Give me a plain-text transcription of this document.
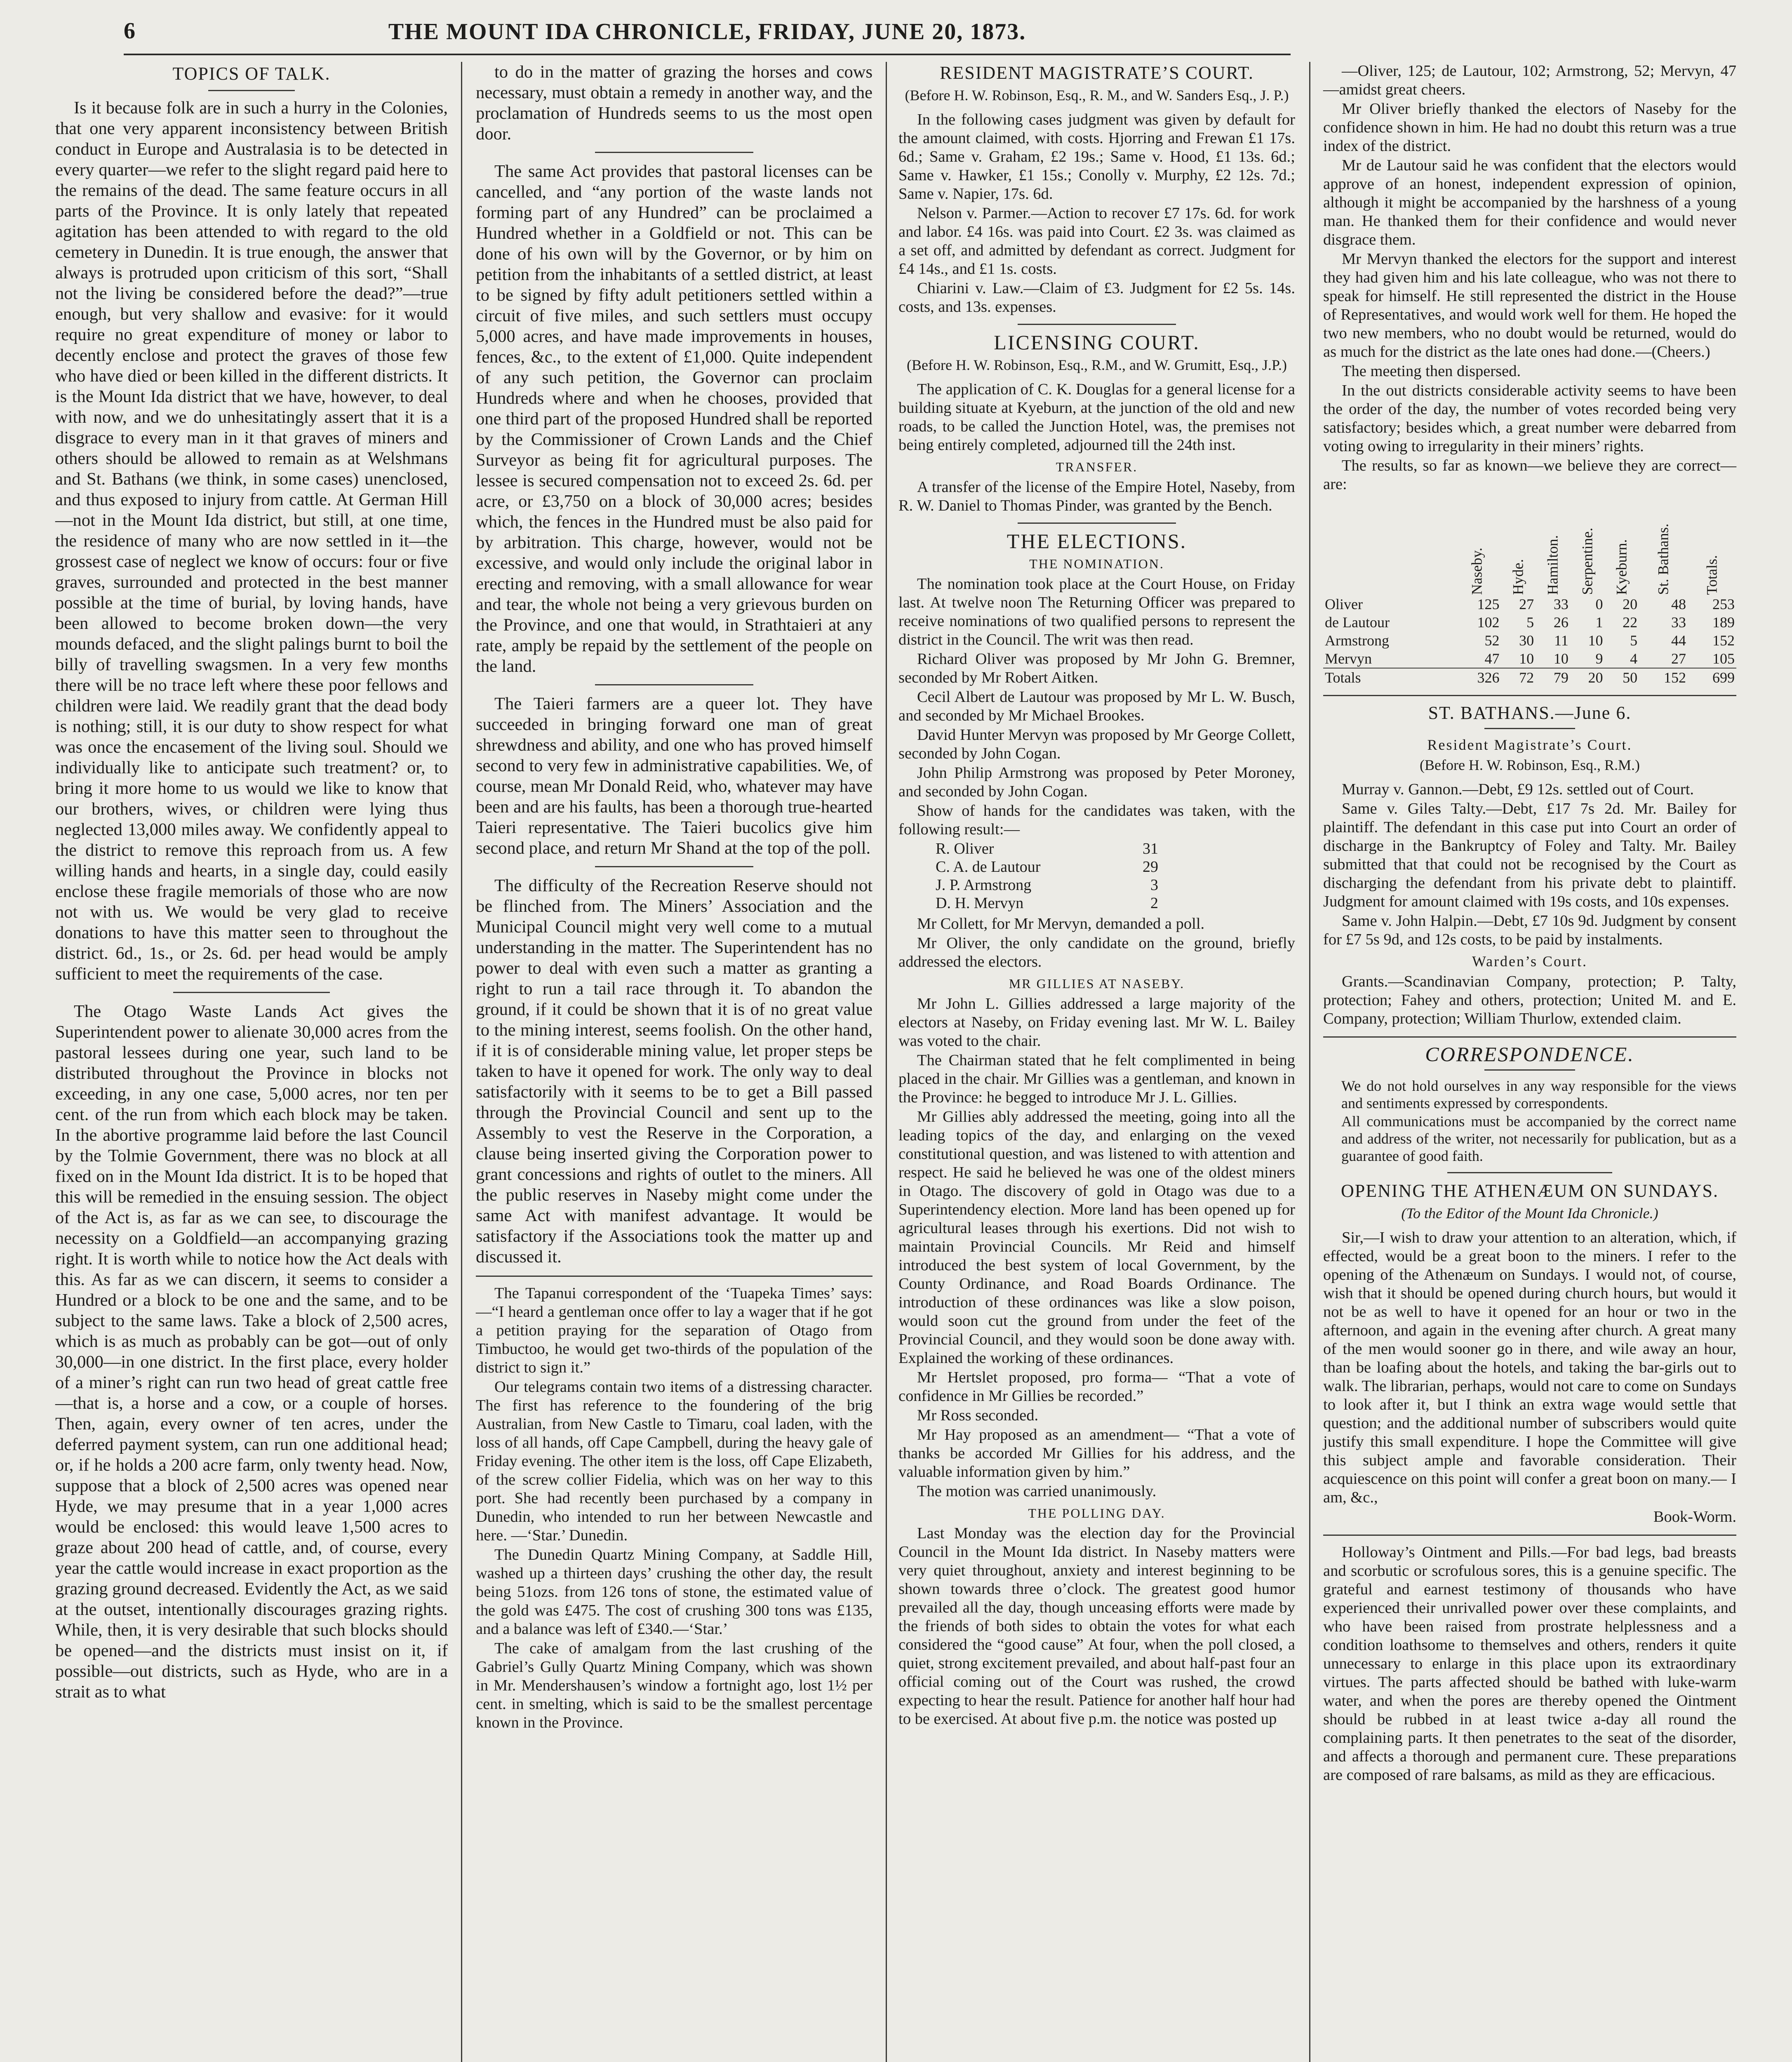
6	THE MOUNT IDA CHRONICLE, FRIDAY, JUNE 20, 1873.
TOPICS OF TALK.

Is it because folk are in such a hurry in the Colonies, that one very apparent inconsistency between British conduct in Europe and Australasia is to be detected in every quarter—we refer to the slight regard paid here to the remains of the dead. The same feature occurs in all parts of the Province. It is only lately that repeated agitation has been attended to with regard to the old cemetery in Dunedin. It is true enough, the answer that always is protruded upon criticism of this sort, “Shall not the living be considered before the dead?”—true enough, but very shallow and evasive: for it would require no great expenditure of money or labor to decently enclose and protect the graves of those few who have died or been killed in the different districts. It is the Mount Ida district that we have, however, to deal with now, and we do unhesitatingly assert that it is a disgrace to every man in it that graves of miners and others should be allowed to remain as at Welshmans and St. Bathans (we think, in some cases) unenclosed, and thus exposed to injury from cattle. At German Hill —not in the Mount Ida district, but still, at one time, the residence of many who are now settled in it—the grossest case of neglect we know of occurs: four or five graves, surrounded and protected in the best manner possible at the time of burial, by loving hands, have been allowed to become broken down—the very mounds defaced, and the slight palings burnt to boil the billy of travelling swagsmen. In a very few months there will be no trace left where these poor fellows and children were laid. We readily grant that the dead body is nothing; still, it is our duty to show respect for what was once the encasement of the living soul. Should we individually like to anticipate such treatment? or, to bring it more home to us would we like to know that our brothers, wives, or children were lying thus neglected 13,000 miles away. We confidently appeal to the district to remove this reproach from us. A few willing hands and hearts, in a single day, could easily enclose these fragile memorials of those who are now not with us. We would be very glad to receive donations to have this matter seen to throughout the district. 6d., 1s., or 2s. 6d. per head would be amply sufficient to meet the requirements of the case.

The Otago Waste Lands Act gives the Superintendent power to alienate 30,000 acres from the pastoral lessees during one year, such land to be distributed throughout the Province in blocks not exceeding, in any one case, 5,000 acres, nor ten per cent. of the run from which each block may be taken. In the abortive programme laid before the last Council by the Tolmie Government, there was no block at all fixed on in the Mount Ida district. It is to be hoped that this will be remedied in the ensuing session. The object of the Act is, as far as we can see, to discourage the necessity on a Goldfield—an accompanying grazing right. It is worth while to notice how the Act deals with this. As far as we can discern, it seems to consider a Hundred or a block to be one and the same, and to be subject to the same laws. Take a block of 2,500 acres, which is as much as probably can be got—out of only 30,000—in one district. In the first place, every holder of a miner’s right can run two head of great cattle free—that is, a horse and a cow, or a couple of horses. Then, again, every owner of ten acres, under the deferred payment system, can run one additional head; or, if he holds a 200 acre farm, only twenty head. Now, suppose that a block of 2,500 acres was opened near Hyde, we may presume that in a year 1,000 acres would be enclosed: this would leave 1,500 acres to graze about 200 head of cattle, and, of course, every year the cattle would increase in exact proportion as the grazing ground decreased. Evidently the Act, as we said at the outset, intentionally discourages grazing rights. While, then, it is very desirable that such blocks should be opened—and the districts must insist on it, if possible—out districts, such as Hyde, who are in a strait as to what

to do in the matter of grazing the horses and cows necessary, must obtain a remedy in another way, and the proclamation of Hundreds seems to us the most open door.

The same Act provides that pastoral licenses can be cancelled, and “any portion of the waste lands not forming part of any Hundred” can be proclaimed a Hundred whether in a Goldfield or not. This can be done of his own will by the Governor, or by him on petition from the inhabitants of a settled district, at least to be signed by fifty adult petitioners settled within a circuit of five miles, and such settlers must occupy 5,000 acres, and have made improvements in houses, fences, &c., to the extent of £1,000. Quite independent of any such petition, the Governor can proclaim Hundreds where and when he chooses, provided that one third part of the proposed Hundred shall be reported by the Commissioner of Crown Lands and the Chief Surveyor as being fit for agricultural purposes. The lessee is secured compensation not to exceed 2s. 6d. per acre, or £3,750 on a block of 30,000 acres; besides which, the fences in the Hundred must be also paid for by arbitration. This charge, however, would not be excessive, and would only include the original labor in erecting and removing, with a small allowance for wear and tear, the whole not being a very grievous burden on the Province, and one that would, in Strathtaieri at any rate, amply be repaid by the settlement of the people on the land.

The Taieri farmers are a queer lot. They have succeeded in bringing forward one man of great shrewdness and ability, and one who has proved himself second to very few in administrative capabilities. We, of course, mean Mr Donald Reid, who, whatever may have been and are his faults, has been a thorough true-hearted Taieri representative. The Taieri bucolics give him second place, and return Mr Shand at the top of the poll.

The difficulty of the Recreation Reserve should not be flinched from. The Miners’ Association and the Municipal Council might very well come to a mutual understanding in the matter. The Superintendent has no power to deal with even such a matter as granting a right to run a tail race through it. To abandon the ground, if it could be shown that it is of no great value to the mining interest, seems foolish. On the other hand, if it is of considerable mining value, let proper steps be taken to have it opened for work. The only way to deal satisfactorily with it seems to be to get a Bill passed through the Provincial Council and sent up to the Assembly to vest the Reserve in the Corporation, a clause being inserted giving the Corporation power to grant concessions and rights of outlet to the miners. All the public reserves in Naseby might come under the same Act with manifest advantage. It would be satisfactory if the Associations took the matter up and discussed it.

The Tapanui correspondent of the ‘Tuapeka Times’ says:—“I heard a gentleman once offer to lay a wager that if he got a petition praying for the separation of Otago from Timbuctoo, he would get two-thirds of the population of the district to sign it.”

Our telegrams contain two items of a distressing character. The first has reference to the foundering of the brig Australian, from New Castle to Timaru, coal laden, with the loss of all hands, off Cape Campbell, during the heavy gale of Friday evening. The other item is the loss, off Cape Elizabeth, of the screw collier Fidelia, which was on her way to this port. She had recently been purchased by a company in Dunedin, who intended to run her between Newcastle and here. —‘Star.’ Dunedin.

The Dunedin Quartz Mining Company, at Saddle Hill, washed up a thirteen days’ crushing the other day, the result being 51ozs. from 126 tons of stone, the estimated value of the gold was £475. The cost of crushing 300 tons was £135, and a balance was left of £340.—‘Star.’

The cake of amalgam from the last crushing of the Gabriel’s Gully Quartz Mining Company, which was shown in Mr. Mendershausen’s window a fortnight ago, lost 1½ per cent. in smelting, which is said to be the smallest percentage known in the Province.

RESIDENT MAGISTRATE’S COURT.
(Before H. W. Robinson, Esq., R. M., and W. Sanders Esq., J. P.)

In the following cases judgment was given by default for the amount claimed, with costs. Hjorring and Frewan £1 17s. 6d.; Same v. Graham, £2 19s.; Same v. Hood, £1 13s. 6d.; Same v. Hawker, £1 15s.; Conolly v. Murphy, £2 12s. 7d.; Same v. Napier, 17s. 6d.

Nelson v. Parmer.—Action to recover £7 17s. 6d. for work and labor. £4 16s. was paid into Court. £2 3s. was claimed as a set off, and admitted by defendant as correct. Judgment for £4 14s., and £1 1s. costs.

Chiarini v. Law.—Claim of £3. Judgment for £2 5s. 14s. costs, and 13s. expenses.

LICENSING COURT.
(Before H. W. Robinson, Esq., R.M., and W. Grumitt, Esq., J.P.)

The application of C. K. Douglas for a general license for a building situate at Kyeburn, at the junction of the old and new roads, to be called the Junction Hotel, was, the premises not being entirely completed, adjourned till the 24th inst.

TRANSFER.

A transfer of the license of the Empire Hotel, Naseby, from R. W. Daniel to Thomas Pinder, was granted by the Bench.

THE ELECTIONS.
THE NOMINATION.

The nomination took place at the Court House, on Friday last. At twelve noon The Returning Officer was prepared to receive nominations of two qualified persons to represent the district in the Council. The writ was then read.

Richard Oliver was proposed by Mr John G. Bremner, seconded by Mr Robert Aitken.

Cecil Albert de Lautour was proposed by Mr L. W. Busch, and seconded by Mr Michael Brookes.

David Hunter Mervyn was proposed by Mr George Collett, seconded by John Cogan.

John Philip Armstrong was proposed by Peter Moroney, and seconded by John Cogan.

Show of hands for the candidates was taken, with the following result:—

R. Oliver	31
C. A. de Lautour	29
J. P. Armstrong	3
D. H. Mervyn	2

Mr Collett, for Mr Mervyn, demanded a poll.

Mr Oliver, the only candidate on the ground, briefly addressed the electors.

MR GILLIES AT NASEBY.

Mr John L. Gillies addressed a large majority of the electors at Naseby, on Friday evening last. Mr W. L. Bailey was voted to the chair.

The Chairman stated that he felt complimented in being placed in the chair. Mr Gillies was a gentleman, and known in the Province: he begged to introduce Mr J. L. Gillies.

Mr Gillies ably addressed the meeting, going into all the leading topics of the day, and enlarging on the vexed constitutional question, and was listened to with attention and respect. He said he believed he was one of the oldest miners in Otago. The discovery of gold in Otago was due to a Superintendency election. More land has been opened up for agricultural leases through his exertions. Did not wish to maintain Provincial Councils. Mr Reid and himself introduced the best system of local Government, by the County Ordinance, and Road Boards Ordinance. The introduction of these ordinances was like a slow poison, would soon cut the ground from under the feet of the Provincial Council, and they would soon be done away with. Explained the working of these ordinances.

Mr Hertslet proposed, pro forma— “That a vote of confidence in Mr Gillies be recorded.”

Mr Ross seconded.

Mr Hay proposed as an amendment— “That a vote of thanks be accorded Mr Gillies for his address, and the valuable information given by him.”

The motion was carried unanimously.

THE POLLING DAY.

Last Monday was the election day for the Provincial Council in the Mount Ida district. In Naseby matters were very quiet throughout, anxiety and interest beginning to be shown towards three o’clock. The greatest good humor prevailed all the day, though unceasing efforts were made by the friends of both sides to obtain the votes for what each considered the “good cause” At four, when the poll closed, a quiet, strong excitement prevailed, and about half-past four an official coming out of the Court was rushed, the crowd expecting to hear the result. Patience for another half hour had to be exercised. At about five p.m. the notice was posted up

—Oliver, 125; de Lautour, 102; Armstrong, 52; Mervyn, 47—amidst great cheers.

Mr Oliver briefly thanked the electors of Naseby for the confidence shown in him. He had no doubt this return was a true index of the district.

Mr de Lautour said he was confident that the electors would approve of an honest, independent expression of opinion, although it might be accompanied by the harshness of a young man. He thanked them for their confidence and would never disgrace them.

Mr Mervyn thanked the electors for the support and interest they had given him and his late colleague, who was not there to speak for himself. He still represented the district in the House of Representatives, and would work well for them. He hoped the two new members, who no doubt would be returned, would do as much for the district as the late ones had done.—(Cheers.)

The meeting then dispersed.

In the out districts considerable activity seems to have been the order of the day, the number of votes recorded being very satisfactory; besides which, a great number were debarred from voting owing to irregularity in their miners’ rights.

The results, so far as known—we believe they are correct—are:

	Naseby.	Hyde.	Hamilton.	Serpentine.	Kyeburn.	St. Bathans.	Totals.
Oliver	125	27	33	0	20	48	253
de Lautour	102	5	26	1	22	33	189
Armstrong	52	30	11	10	5	44	152
Mervyn	47	10	10	9	4	27	105
Totals	326	72	79	20	50	152	699
ST. BATHANS.—June 6.
Resident Magistrate’s Court.
(Before H. W. Robinson, Esq., R.M.)

Murray v. Gannon.—Debt, £9 12s. settled out of Court.

Same v. Giles Talty.—Debt, £17 7s 2d. Mr. Bailey for plaintiff. The defendant in this case put into Court an order of discharge in the Bankruptcy of Foley and Talty. Mr. Bailey submitted that that could not be recognised by the Court as discharging the defendant from his private debt to plaintiff. Judgment for amount claimed with 19s costs, and 10s expenses.

Same v. John Halpin.—Debt, £7 10s 9d. Judgment by consent for £7 5s 9d, and 12s costs, to be paid by instalments.

Warden’s Court.

Grants.—Scandinavian Company, protection; P. Talty, protection; Fahey and others, protection; United M. and E. Company, protection; William Thurlow, extended claim.

CORRESPONDENCE.

We do not hold ourselves in any way responsible for the views and sentiments expressed by correspondents.

All communications must be accompanied by the correct name and address of the writer, not necessarily for publication, but as a guarantee of good faith.

OPENING THE ATHENÆUM ON SUNDAYS.
(To the Editor of the Mount Ida Chronicle.)

Sir,—I wish to draw your attention to an alteration, which, if effected, would be a great boon to the miners. I refer to the opening of the Athenæum on Sundays. I would not, of course, wish that it should be opened during church hours, but would it not be as well to have it opened for an hour or two in the afternoon, and again in the evening after church. A great many of the men would sooner go in there, and wile away an hour, than be loafing about the hotels, and taking the bar-girls out to walk. The librarian, perhaps, would not care to come on Sundays to look after it, but I think an extra wage would settle that question; and the additional number of subscribers would quite justify this small expenditure. I hope the Committee will give this subject ample and favorable consideration. Their acquiescence on this point will confer a great boon on many.— I am, &c.,

Book-Worm.

Holloway’s Ointment and Pills.—For bad legs, bad breasts and scorbutic or scrofulous sores, this is a genuine specific. The grateful and earnest testimony of thousands who have experienced their unrivalled power over these complaints, and who have been raised from prostrate helplessness and a condition loathsome to themselves and others, renders it quite unnecessary to enlarge in this place upon its extraordinary virtues. The parts affected should be bathed with luke-warm water, and when the pores are thereby opened the Ointment should be rubbed in at least twice a-day all round the complaining parts. It then penetrates to the seat of the disorder, and affects a thorough and permanent cure. These preparations are composed of rare balsams, as mild as they are efficacious.
